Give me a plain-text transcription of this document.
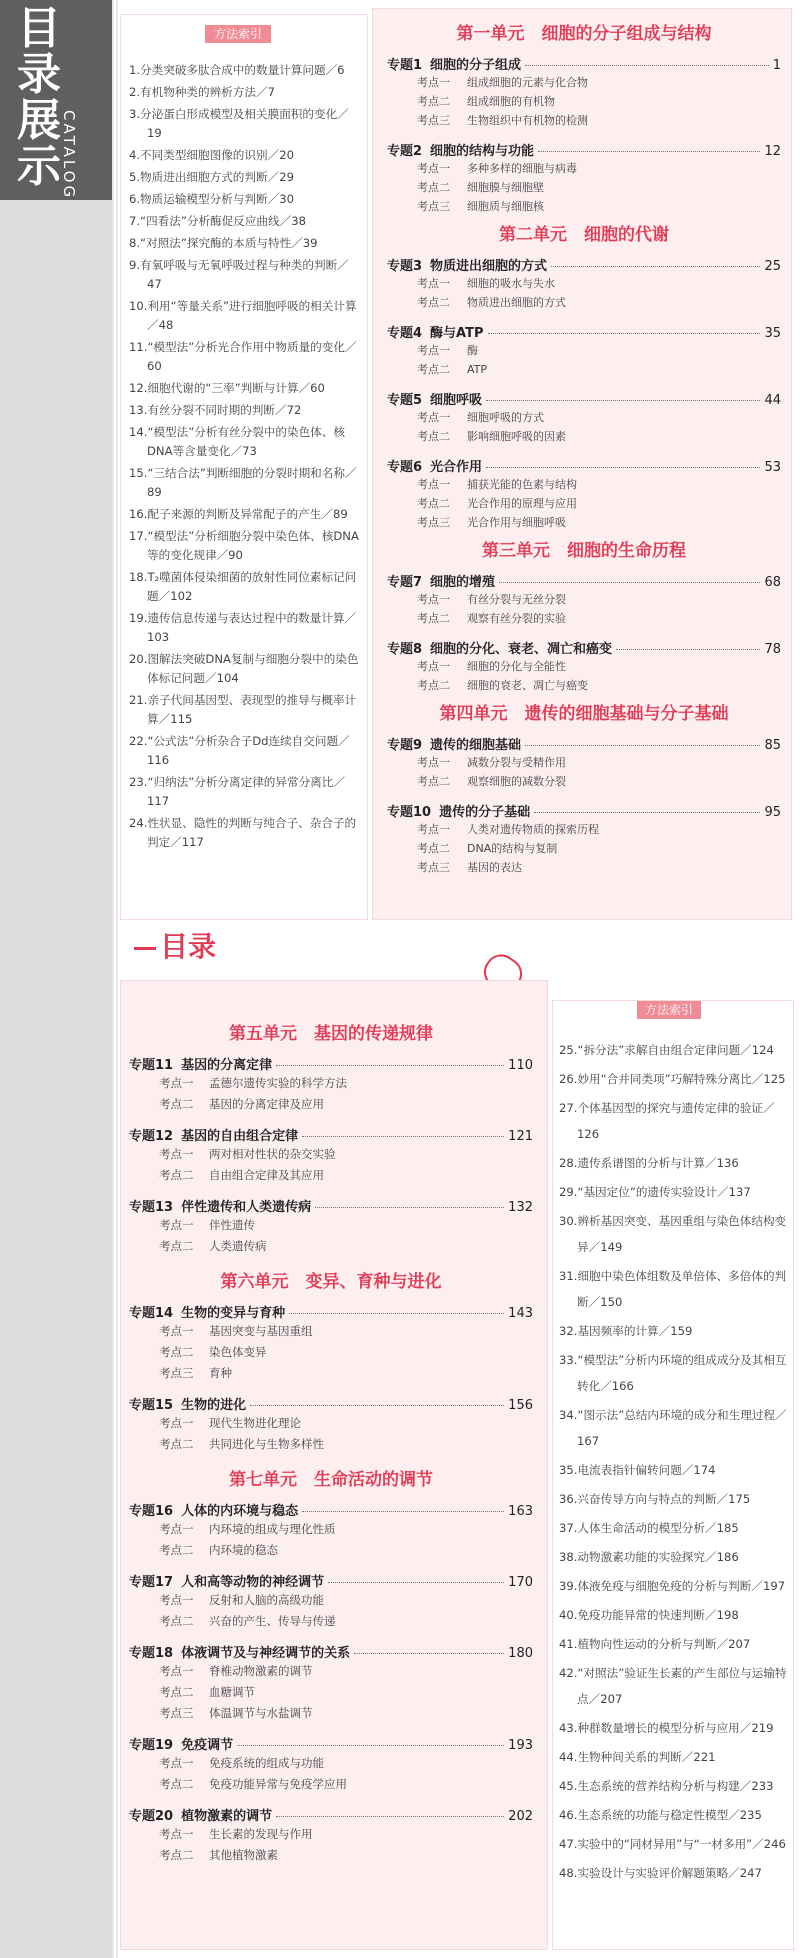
目
录
展
示 CATALOG
方法索引
1.分类突破多肽合成中的数量计算问题／6
2.有机物种类的辨析方法／7
3.分泌蛋白形成模型及相关膜面积的变化／19
4.不同类型细胞图像的识别／20
5.物质进出细胞方式的判断／29
6.物质运输模型分析与判断／30
7.“四看法”分析酶促反应曲线／38
8.“对照法”探究酶的本质与特性／39
9.有氧呼吸与无氧呼吸过程与种类的判断／47
10.利用“等量关系”进行细胞呼吸的相关计算／48
11.“模型法”分析光合作用中物质量的变化／60
12.细胞代谢的“三率”判断与计算／60
13.有丝分裂不同时期的判断／72
14.“模型法”分析有丝分裂中的染色体、核DNA等含量变化／73
15.“三结合法”判断细胞的分裂时期和名称／89
16.配子来源的判断及异常配子的产生／89
17.“模型法”分析细胞分裂中染色体、核DNA等的变化规律／90
18.T₂噬菌体侵染细菌的放射性同位素标记问题／102
19.遗传信息传递与表达过程中的数量计算／103
20.图解法突破DNA复制与细胞分裂中的染色体标记问题／104
21.亲子代间基因型、表现型的推导与概率计算／115
22.“公式法”分析杂合子Dd连续自交问题／116
23.“归纳法”分析分离定律的异常分离比／117
24.性状显、隐性的判断与纯合子、杂合子的判定／117
第一单元　细胞的分子组成与结构
专题1 细胞的分子组成	1
考点一	组成细胞的元素与化合物
考点二	组成细胞的有机物
考点三	生物组织中有机物的检测
专题2 细胞的结构与功能	12
考点一	多种多样的细胞与病毒
考点二	细胞膜与细胞壁
考点三	细胞质与细胞核
第二单元　细胞的代谢
专题3 物质进出细胞的方式	25
考点一	细胞的吸水与失水
考点二	物质进出细胞的方式
专题4 酶与ATP	35
考点一	酶
考点二	ATP
专题5 细胞呼吸	44
考点一	细胞呼吸的方式
考点二	影响细胞呼吸的因素
专题6 光合作用	53
考点一	捕获光能的色素与结构
考点二	光合作用的原理与应用
考点三	光合作用与细胞呼吸
第三单元　细胞的生命历程
专题7 细胞的增殖	68
考点一	有丝分裂与无丝分裂
考点二	观察有丝分裂的实验
专题8 细胞的分化、衰老、凋亡和癌变	78
考点一	细胞的分化与全能性
考点二	细胞的衰老、凋亡与癌变
第四单元　遗传的细胞基础与分子基础
专题9 遗传的细胞基础	85
考点一	减数分裂与受精作用
考点二	观察细胞的减数分裂
专题10 遗传的分子基础	95
考点一	人类对遗传物质的探索历程
考点二	DNA的结构与复制
考点三	基因的表达
目录
第五单元　基因的传递规律
专题11 基因的分离定律	110
考点一	孟德尔遗传实验的科学方法
考点二	基因的分离定律及应用
专题12 基因的自由组合定律	121
考点一	两对相对性状的杂交实验
考点二	自由组合定律及其应用
专题13 伴性遗传和人类遗传病	132
考点一	伴性遗传
考点二	人类遗传病
第六单元　变异、育种与进化
专题14 生物的变异与育种	143
考点一	基因突变与基因重组
考点二	染色体变异
考点三	育种
专题15 生物的进化	156
考点一	现代生物进化理论
考点二	共同进化与生物多样性
第七单元　生命活动的调节
专题16 人体的内环境与稳态	163
考点一	内环境的组成与理化性质
考点二	内环境的稳态
专题17 人和高等动物的神经调节	170
考点一	反射和人脑的高级功能
考点二	兴奋的产生、传导与传递
专题18 体液调节及与神经调节的关系	180
考点一	脊椎动物激素的调节
考点二	血糖调节
考点三	体温调节与水盐调节
专题19 免疫调节	193
考点一	免疫系统的组成与功能
考点二	免疫功能异常与免疫学应用
专题20 植物激素的调节	202
考点一	生长素的发现与作用
考点二	其他植物激素
方法索引
25.“拆分法”求解自由组合定律问题／124
26.妙用“合并同类项”巧解特殊分离比／125
27.个体基因型的探究与遗传定律的验证／126
28.遗传系谱图的分析与计算／136
29.“基因定位”的遗传实验设计／137
30.辨析基因突变、基因重组与染色体结构变异／149
31.细胞中染色体组数及单倍体、多倍体的判断／150
32.基因频率的计算／159
33.“模型法”分析内环境的组成成分及其相互转化／166
34.“图示法”总结内环境的成分和生理过程／167
35.电流表指针偏转问题／174
36.兴奋传导方向与特点的判断／175
37.人体生命活动的模型分析／185
38.动物激素功能的实验探究／186
39.体液免疫与细胞免疫的分析与判断／197
40.免疫功能异常的快速判断／198
41.植物向性运动的分析与判断／207
42.“对照法”验证生长素的产生部位与运输特点／207
43.种群数量增长的模型分析与应用／219
44.生物种间关系的判断／221
45.生态系统的营养结构分析与构建／233
46.生态系统的功能与稳定性模型／235
47.实验中的“同材异用”与“一材多用”／246
48.实验设计与实验评价解题策略／247
